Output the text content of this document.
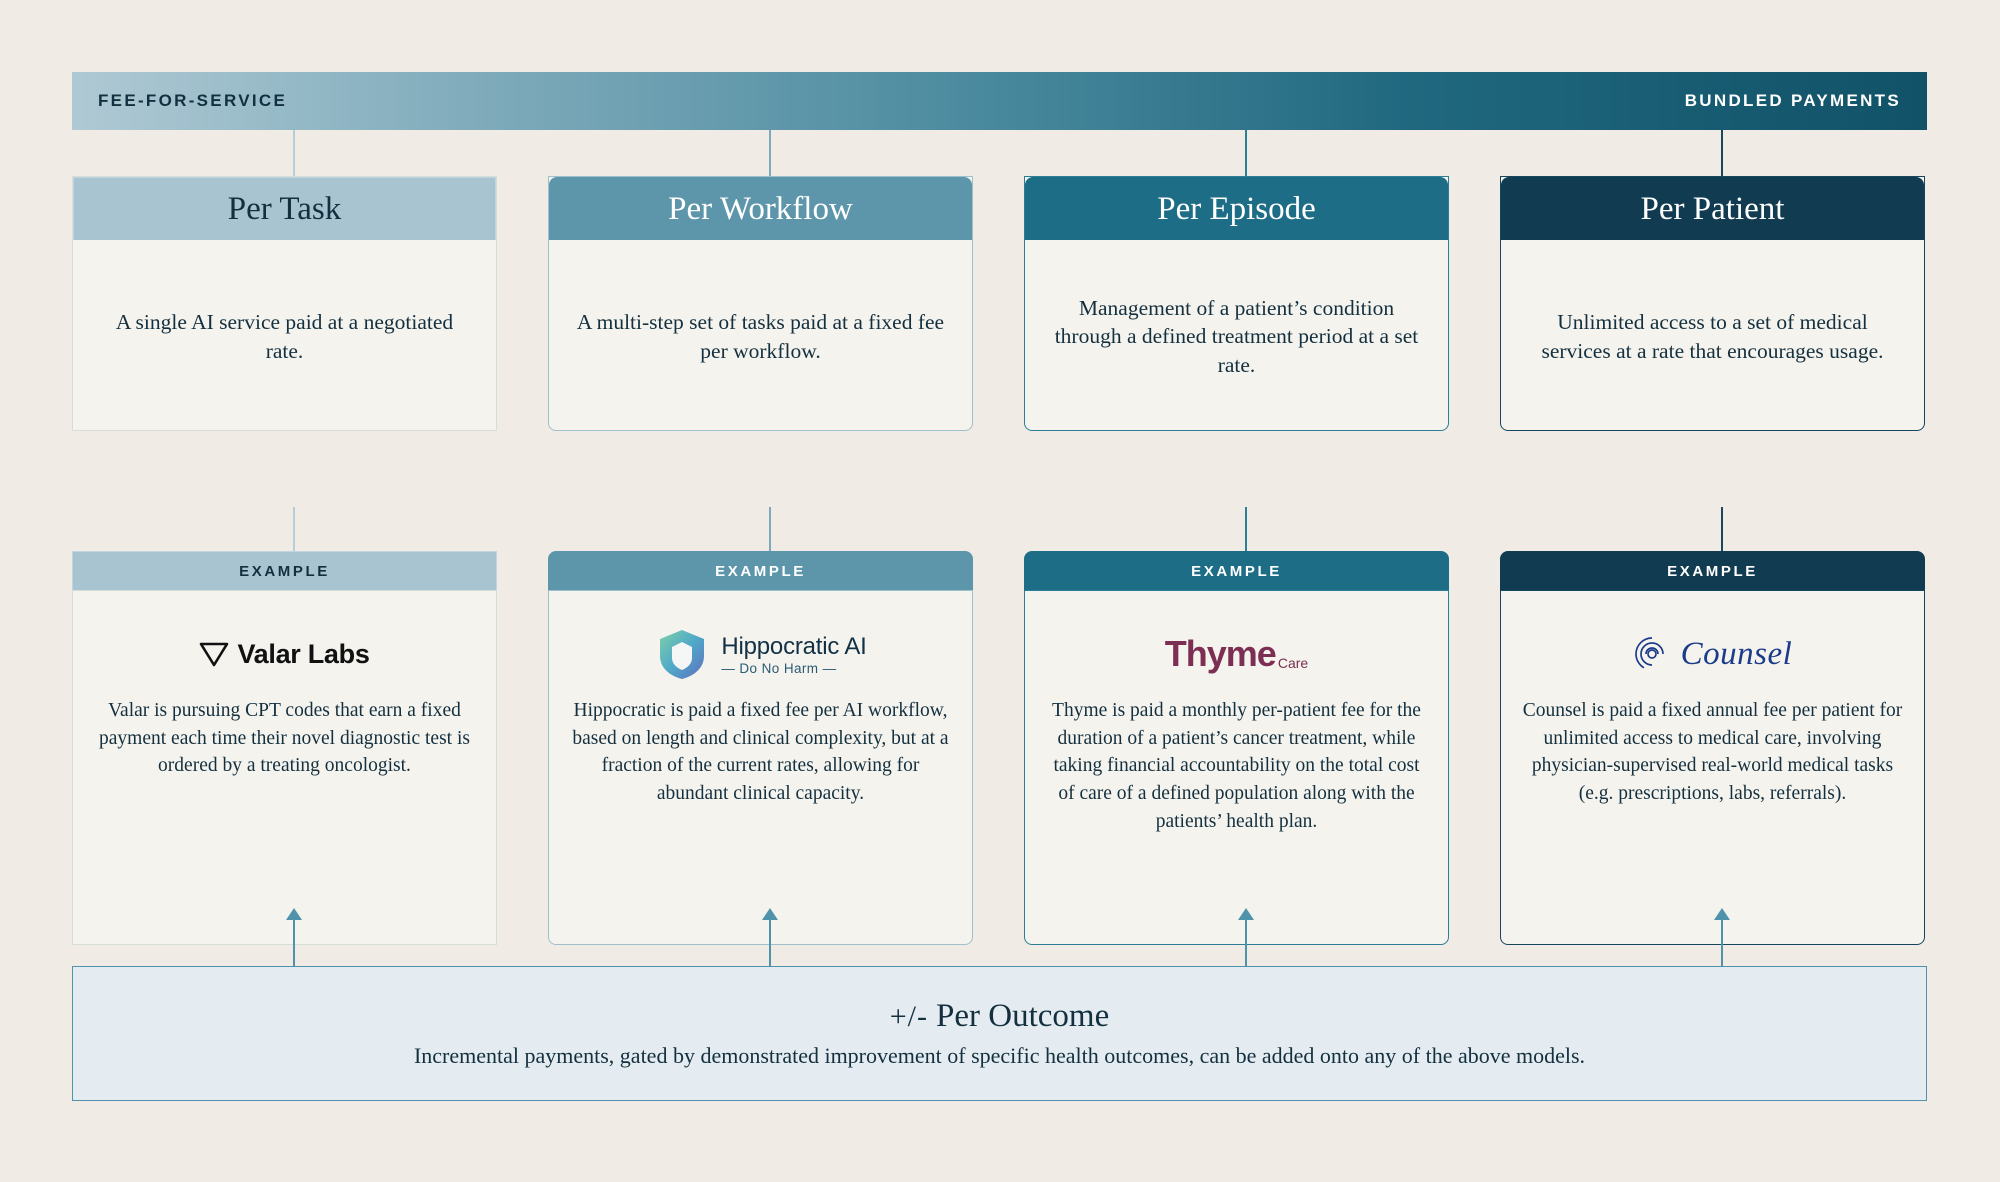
FEE-FOR-SERVICE	BUNDLED PAYMENTS
Per Task
A single AI service paid at a negotiated rate.
EXAMPLE
Valar Labs
Valar is pursuing CPT codes that earn a fixed payment each time their novel diagnostic test is ordered by a treating oncologist.
Per Workflow
A multi-step set of tasks paid at a fixed fee per workflow.
EXAMPLE
Hippocratic AI
— Do No Harm —
Hippocratic is paid a fixed fee per AI workflow, based on length and clinical complexity, but at a fraction of the current rates, allowing for abundant clinical capacity.
Per Episode
Management of a patient’s condition through a defined treatment period at a set rate.
EXAMPLE
Thyme Care
Thyme is paid a monthly per-patient fee for the duration of a patient’s cancer treatment, while taking financial accountability on the total cost of care of a defined population along with the patients’ health plan.
Per Patient
Unlimited access to a set of medical services at a rate that encourages usage.
EXAMPLE
Counsel
Counsel is paid a fixed annual fee per patient for unlimited access to medical care, involving physician-supervised real-world medical tasks (e.g. prescriptions, labs, referrals).
+/- Per Outcome
Incremental payments, gated by demonstrated improvement of specific health outcomes, can be added onto any of the above models.
